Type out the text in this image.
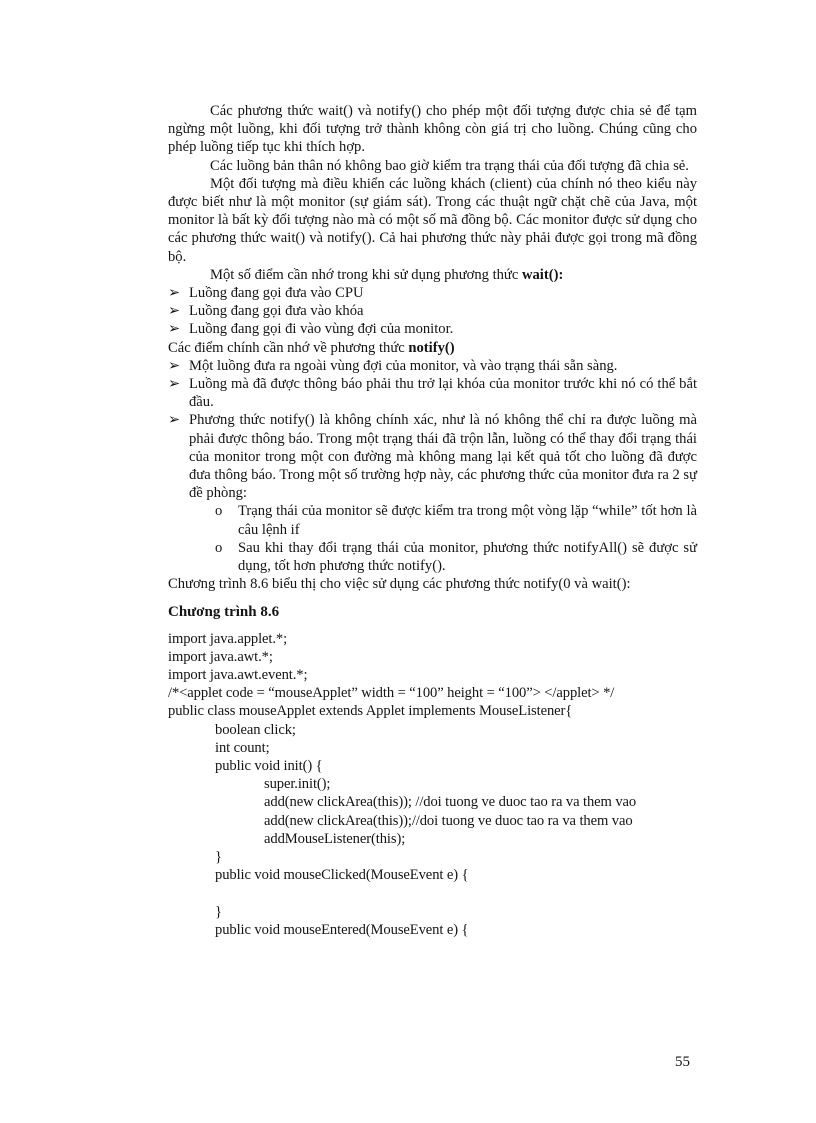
Các phương thức wait() và notify() cho phép một đối tượng được chia sẻ để tạm ngừng một luồng, khi đối tượng trở thành không còn giá trị cho luồng. Chúng cũng cho phép luồng tiếp tục khi thích hợp.

Các luồng bản thân nó không bao giờ kiểm tra trạng thái của đối tượng đã chia sẻ.

Một đối tượng mà điều khiển các luồng khách (client) của chính nó theo kiểu này được biết như là một monitor (sự giám sát). Trong các thuật ngữ chặt chẽ của Java, một monitor là bất kỳ đối tượng nào mà có một số mã đồng bộ. Các monitor được sử dụng cho các phương thức wait() và notify(). Cả hai phương thức này phải được gọi trong mã đồng bộ.

Một số điểm cần nhớ trong khi sử dụng phương thức wait():

➢ Luồng đang gọi đưa vào CPU

➢ Luồng đang gọi đưa vào khóa

➢ Luồng đang gọi đi vào vùng đợi của monitor.

Các điểm chính cần nhớ về phương thức notify()

➢ Một luồng đưa ra ngoài vùng đợi của monitor, và vào trạng thái sẵn sàng.

➢ Luồng mà đã được thông báo phải thu trở lại khóa của monitor trước khi nó có thể bắt đầu.

➢ Phương thức notify() là không chính xác, như là nó không thể chỉ ra được luồng mà phải được thông báo. Trong một trạng thái đã trộn lẫn, luồng có thể thay đổi trạng thái của monitor trong một con đường mà không mang lại kết quả tốt cho luồng đã được đưa thông báo. Trong một số trường hợp này, các phương thức của monitor đưa ra 2 sự đề phòng:

o Trạng thái của monitor sẽ được kiểm tra trong một vòng lặp “while” tốt hơn là câu lệnh if

o Sau khi thay đổi trạng thái của monitor, phương thức notifyAll() sẽ được sử dụng, tốt hơn phương thức notify().

Chương trình 8.6 biểu thị cho việc sử dụng các phương thức notify(0 và wait():

Chương trình 8.6

import java.applet.*;
import java.awt.*;
import java.awt.event.*;
/*<applet code = “mouseApplet” width = “100” height = “100”> </applet> */
public class mouseApplet extends Applet implements MouseListener{
boolean click;
int count;
public void init() {
super.init();
add(new clickArea(this)); //doi tuong ve duoc tao ra va them vao
add(new clickArea(this));//doi tuong ve duoc tao ra va them vao
addMouseListener(this);
}
public void mouseClicked(MouseEvent e) {
}
public void mouseEntered(MouseEvent e) {
55
